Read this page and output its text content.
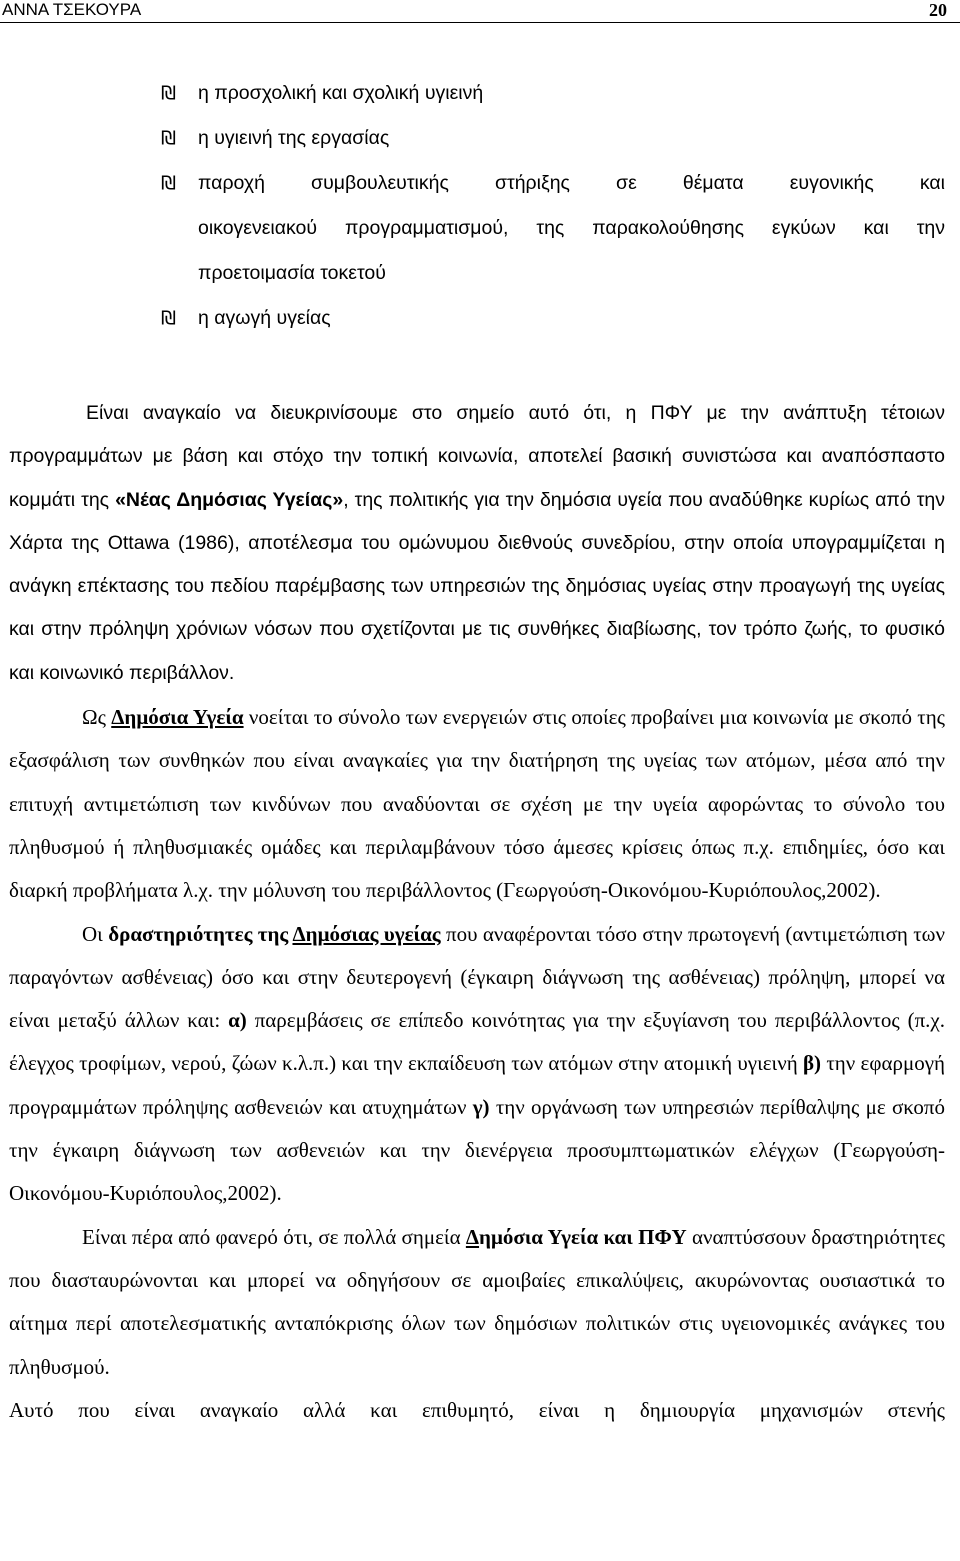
ΑΝΝΑ ΤΣΕΚΟΥΡΑ	20
₪ η προσχολική και σχολική υγιεινή
₪ η υγιεινή της εργασίας
₪ παροχή συμβουλευτικής στήριξης σε θέματα ευγονικής και
οικογενειακού προγραμματισμού, της παρακολούθησης εγκύων και την
προετοιμασία τοκετού
₪ η αγωγή υγείας

Είναι αναγκαίο να διευκρινίσουμε στο σημείο αυτό ότι, η ΠΦΥ με την ανάπτυξη τέτοιων προγραμμάτων με βάση και στόχο την τοπική κοινωνία, αποτελεί βασική συνιστώσα και αναπόσπαστο κομμάτι της «Νέας Δημόσιας Υγείας», της πολιτικής για την δημόσια υγεία που αναδύθηκε κυρίως από την Χάρτα της Ottawa (1986), αποτέλεσμα του ομώνυμου διεθνούς συνεδρίου, στην οποία υπογραμμίζεται η ανάγκη επέκτασης του πεδίου παρέμβασης των υπηρεσιών της δημόσιας υγείας στην προαγωγή της υγείας και στην πρόληψη χρόνιων νόσων που σχετίζονται με τις συνθήκες διαβίωσης, τον τρόπο ζωής, το φυσικό και κοινωνικό περιβάλλον.

Ως Δημόσια Υγεία νοείται το σύνολο των ενεργειών στις οποίες προβαίνει μια κοινωνία με σκοπό της εξασφάλιση των συνθηκών που είναι αναγκαίες για την διατήρηση της υγείας των ατόμων, μέσα από την επιτυχή αντιμετώπιση των κινδύνων που αναδύονται σε σχέση με την υγεία αφορώντας το σύνολο του πληθυσμού ή πληθυσμιακές ομάδες και περιλαμβάνουν τόσο άμεσες κρίσεις όπως π.χ. επιδημίες, όσο και διαρκή προβλήματα λ.χ. την μόλυνση του περιβάλλοντος (Γεωργούση-Οικονόμου-Κυριόπουλος,2002).

Οι δραστηριότητες της Δημόσιας υγείας που αναφέρονται τόσο στην πρωτογενή (αντιμετώπιση των παραγόντων ασθένειας) όσο και στην δευτερογενή (έγκαιρη διάγνωση της ασθένειας) πρόληψη, μπορεί να είναι μεταξύ άλλων και: α) παρεμβάσεις σε επίπεδο κοινότητας για την εξυγίανση του περιβάλλοντος (π.χ. έλεγχος τροφίμων, νερού, ζώων κ.λ.π.) και την εκπαίδευση των ατόμων στην ατομική υγιεινή β) την εφαρμογή προγραμμάτων πρόληψης ασθενειών και ατυχημάτων γ) την οργάνωση των υπηρεσιών περίθαλψης με σκοπό την έγκαιρη διάγνωση των ασθενειών και την διενέργεια προσυμπτωματικών ελέγχων (Γεωργούση-Οικονόμου-Κυριόπουλος,2002).

Είναι πέρα από φανερό ότι, σε πολλά σημεία Δημόσια Υγεία και ΠΦΥ αναπτύσσουν δραστηριότητες που διασταυρώνονται και μπορεί να οδηγήσουν σε αμοιβαίες επικαλύψεις, ακυρώνοντας ουσιαστικά το αίτημα περί αποτελεσματικής ανταπόκρισης όλων των δημόσιων πολιτικών στις υγειονομικές ανάγκες του πληθυσμού.

Αυτό που είναι αναγκαίο αλλά και επιθυμητό, είναι η δημιουργία μηχανισμών στενής
